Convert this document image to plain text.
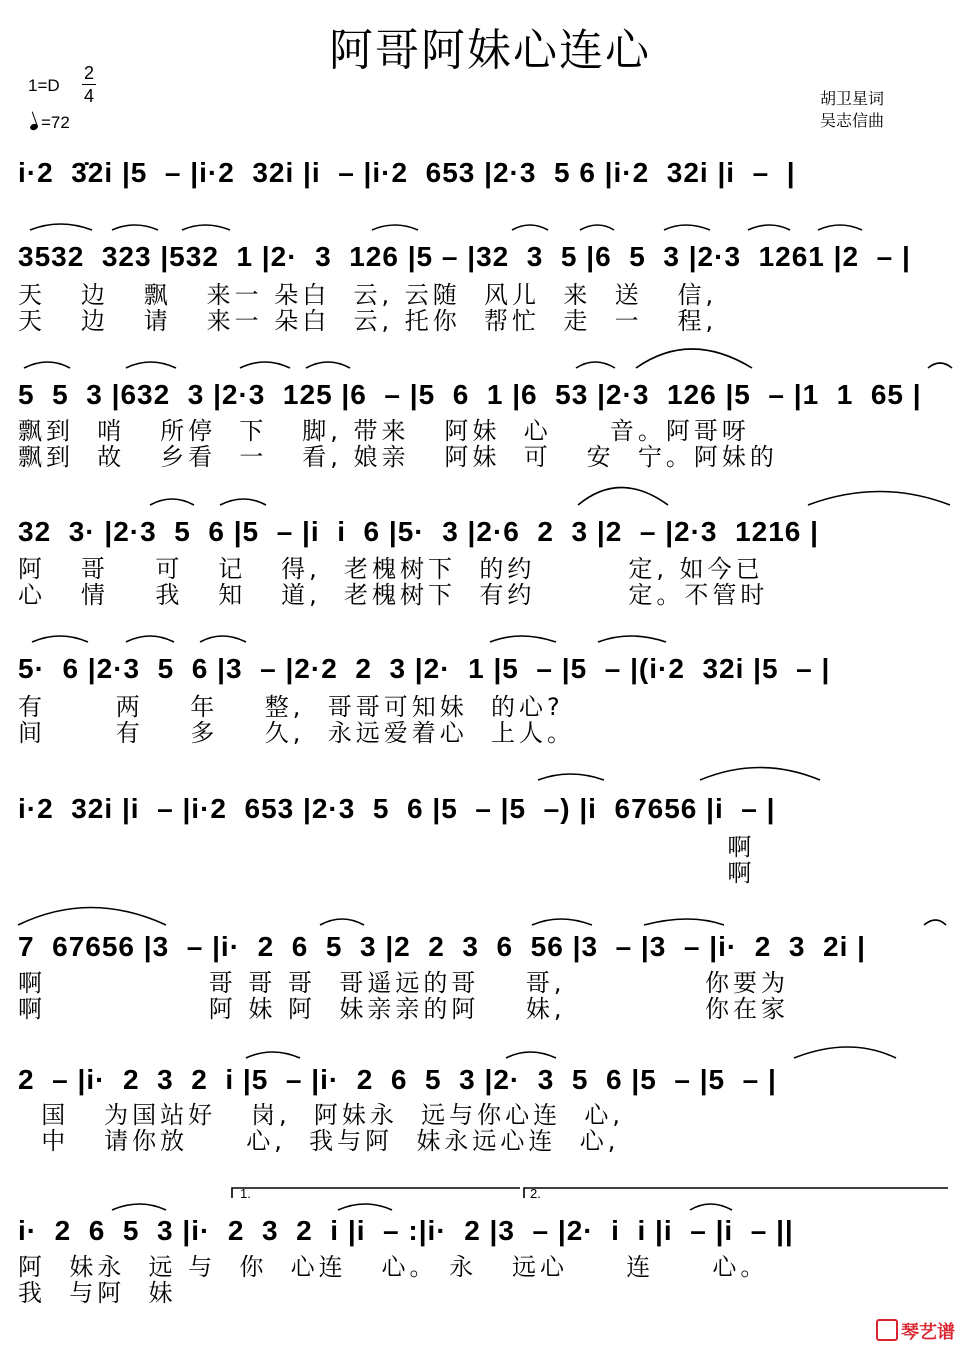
阿哥阿妹心连心
1=D
2
4
=72
胡卫星词
吴志信曲
i·2  3̇2i |5  – |i·2  32i |i  – |i·2  653 |2·3  5 6 |i·2  32i |i  –  |
3532  323 |532  1 |2·  3  126 |5 – |32  3  5 |6  5  3 |2·3  1261 |2  – |
天   边   飘   来一 朵白  云, 云随  风儿  来  送   信,
天   边   请   来一 朵白  云, 托你  帮忙  走  一   程,
5  5  3 |632  3 |2·3  125 |6  – |5  6  1 |6  53 |2·3  126 |5  – |1  1  65 |
飘到  哨   所停  下   脚, 带来   阿妹  心     音。阿哥呀
飘到  故   乡看  一   看, 娘亲   阿妹  可   安  宁。阿妹的
32  3· |2·3  5  6 |5  – |i  i  6 |5·  3 |2·6  2  3 |2  – |2·3  1216 |
阿   哥    可   记   得,  老槐树下  的约        定, 如今已
心   情    我   知   道,  老槐树下  有约        定。不管时
5·  6 |2·3  5  6 |3  – |2·2  2  3 |2·  1 |5  – |5  – |(i·2  32i |5  – |
有      两    年    整,  哥哥可知妹  的心?
间      有    多    久,  永远爱着心  上人。
i·2  32i |i  – |i·2  653 |2·3  5  6 |5  – |5  –) |i  67656 |i  – |
啊
啊
7  67656 |3  – |i·  2  6  5  3 |2  2  3  6  56 |3  – |3  – |i·  2  3  2i |
啊              哥 哥 哥  哥遥远的哥    哥,            你要为
啊              阿 妹 阿  妹亲亲的阿    妹,            你在家
2  – |i·  2  3  2  i |5  – |i·  2  6  5  3 |2·  3  5  6 |5  – |5  – |
国   为国站好   岗,  阿妹永  远与你心连  心,
中   请你放     心,  我与阿  妹永远心连  心,
i·  2  6  5  3 |i·  2  3  2  i |i  – :|i·  2 |3  – |2·  i  i |i  – |i  – ||
阿  妹永  远 与  你  心连   心。 永   远心     连     心。
我  与阿  妹
1.	2.
琴艺谱
